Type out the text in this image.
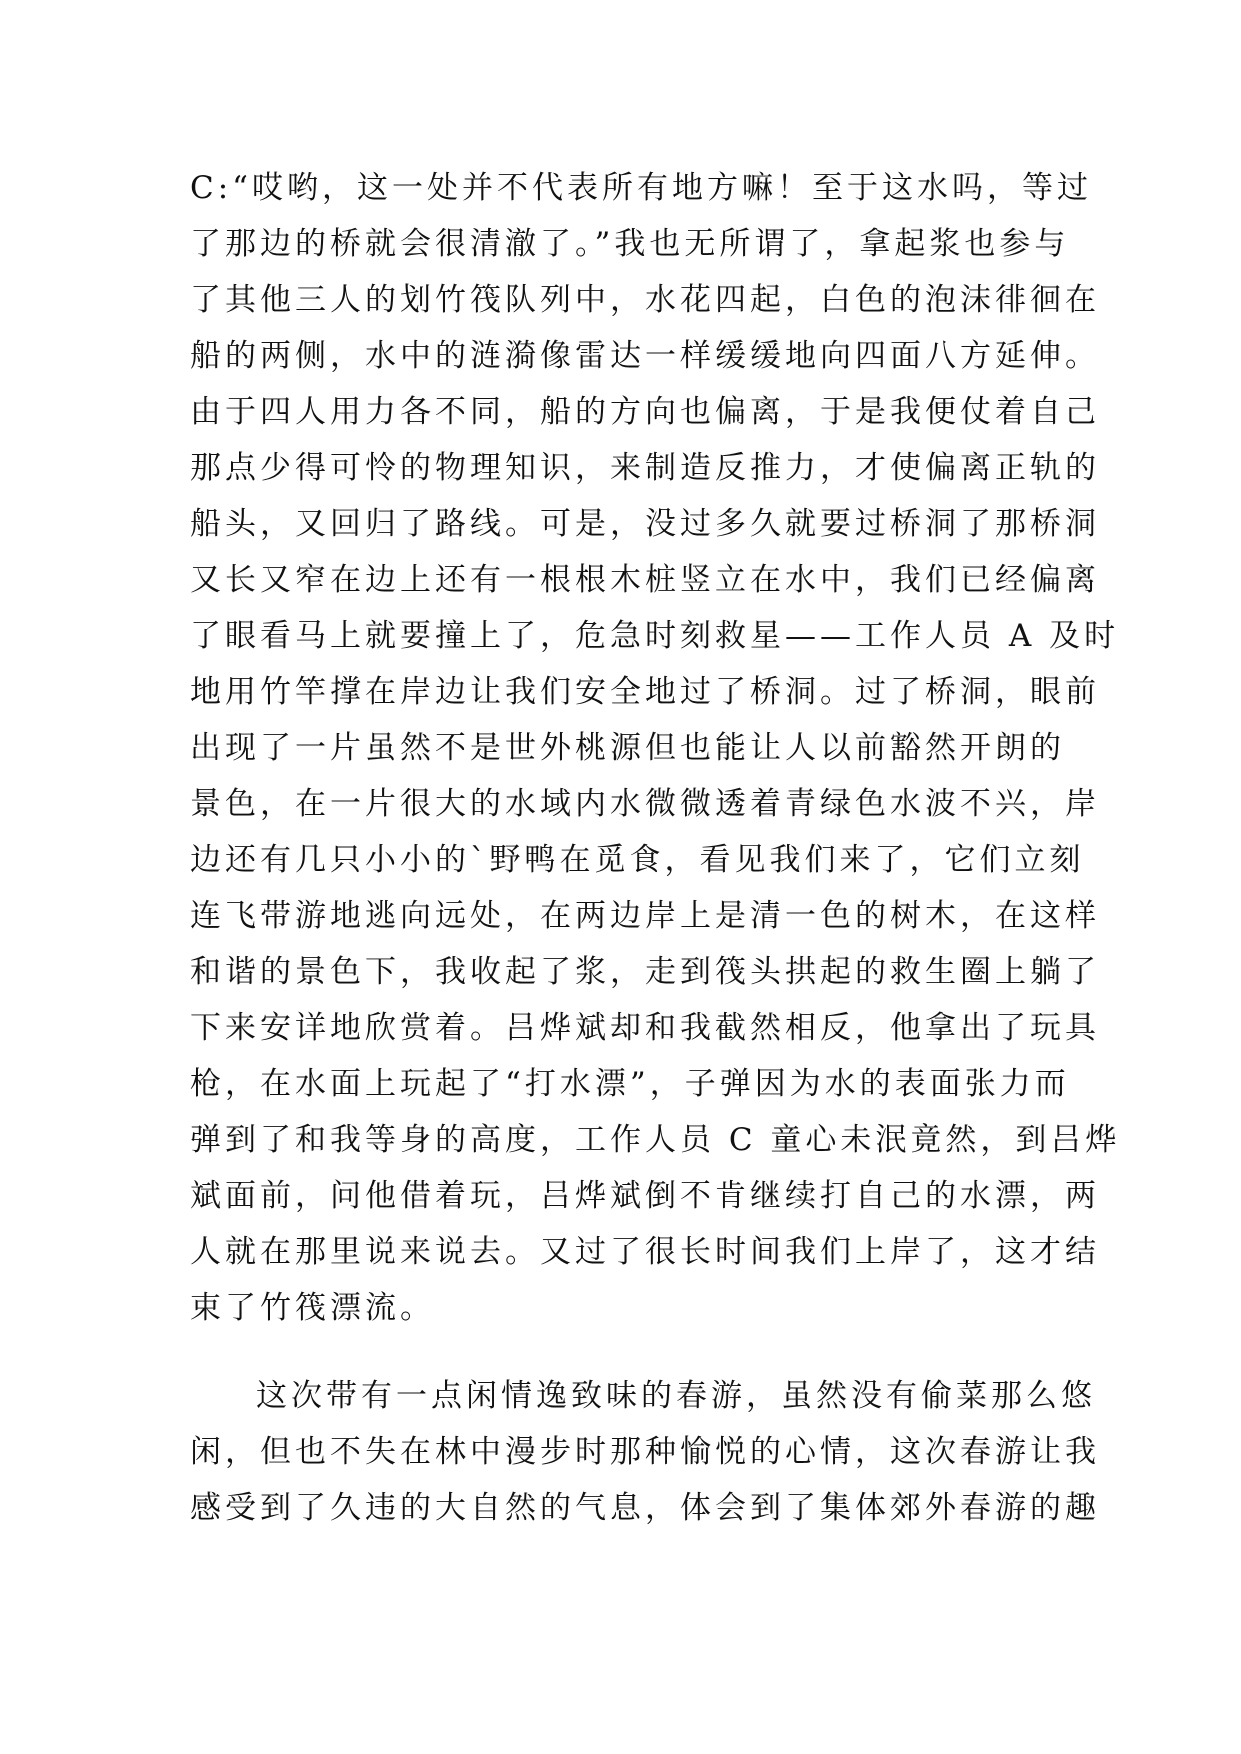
C:“哎哟，这一处并不代表所有地方嘛！至于这水吗，等过
了那边的桥就会很清澈了。”我也无所谓了，拿起浆也参与
了其他三人的划竹筏队列中，水花四起，白色的泡沫徘徊在
船的两侧，水中的涟漪像雷达一样缓缓地向四面八方延伸。
由于四人用力各不同，船的方向也偏离，于是我便仗着自己
那点少得可怜的物理知识，来制造反推力，才使偏离正轨的
船头，又回归了路线。可是，没过多久就要过桥洞了那桥洞
又长又窄在边上还有一根根木桩竖立在水中，我们已经偏离
了眼看马上就要撞上了，危急时刻救星——工作人员 A 及时
地用竹竿撑在岸边让我们安全地过了桥洞。过了桥洞，眼前
出现了一片虽然不是世外桃源但也能让人以前豁然开朗的
景色，在一片很大的水域内水微微透着青绿色水波不兴，岸
边还有几只小小的`野鸭在觅食，看见我们来了，它们立刻
连飞带游地逃向远处，在两边岸上是清一色的树木，在这样
和谐的景色下，我收起了浆，走到筏头拱起的救生圈上躺了
下来安详地欣赏着。吕烨斌却和我截然相反，他拿出了玩具
枪，在水面上玩起了“打水漂”，子弹因为水的表面张力而
弹到了和我等身的高度，工作人员 C 童心未泯竟然，到吕烨
斌面前，问他借着玩，吕烨斌倒不肯继续打自己的水漂，两
人就在那里说来说去。又过了很长时间我们上岸了，这才结
束了竹筏漂流。
这次带有一点闲情逸致味的春游，虽然没有偷菜那么悠
闲，但也不失在林中漫步时那种愉悦的心情，这次春游让我
感受到了久违的大自然的气息，体会到了集体郊外春游的趣
